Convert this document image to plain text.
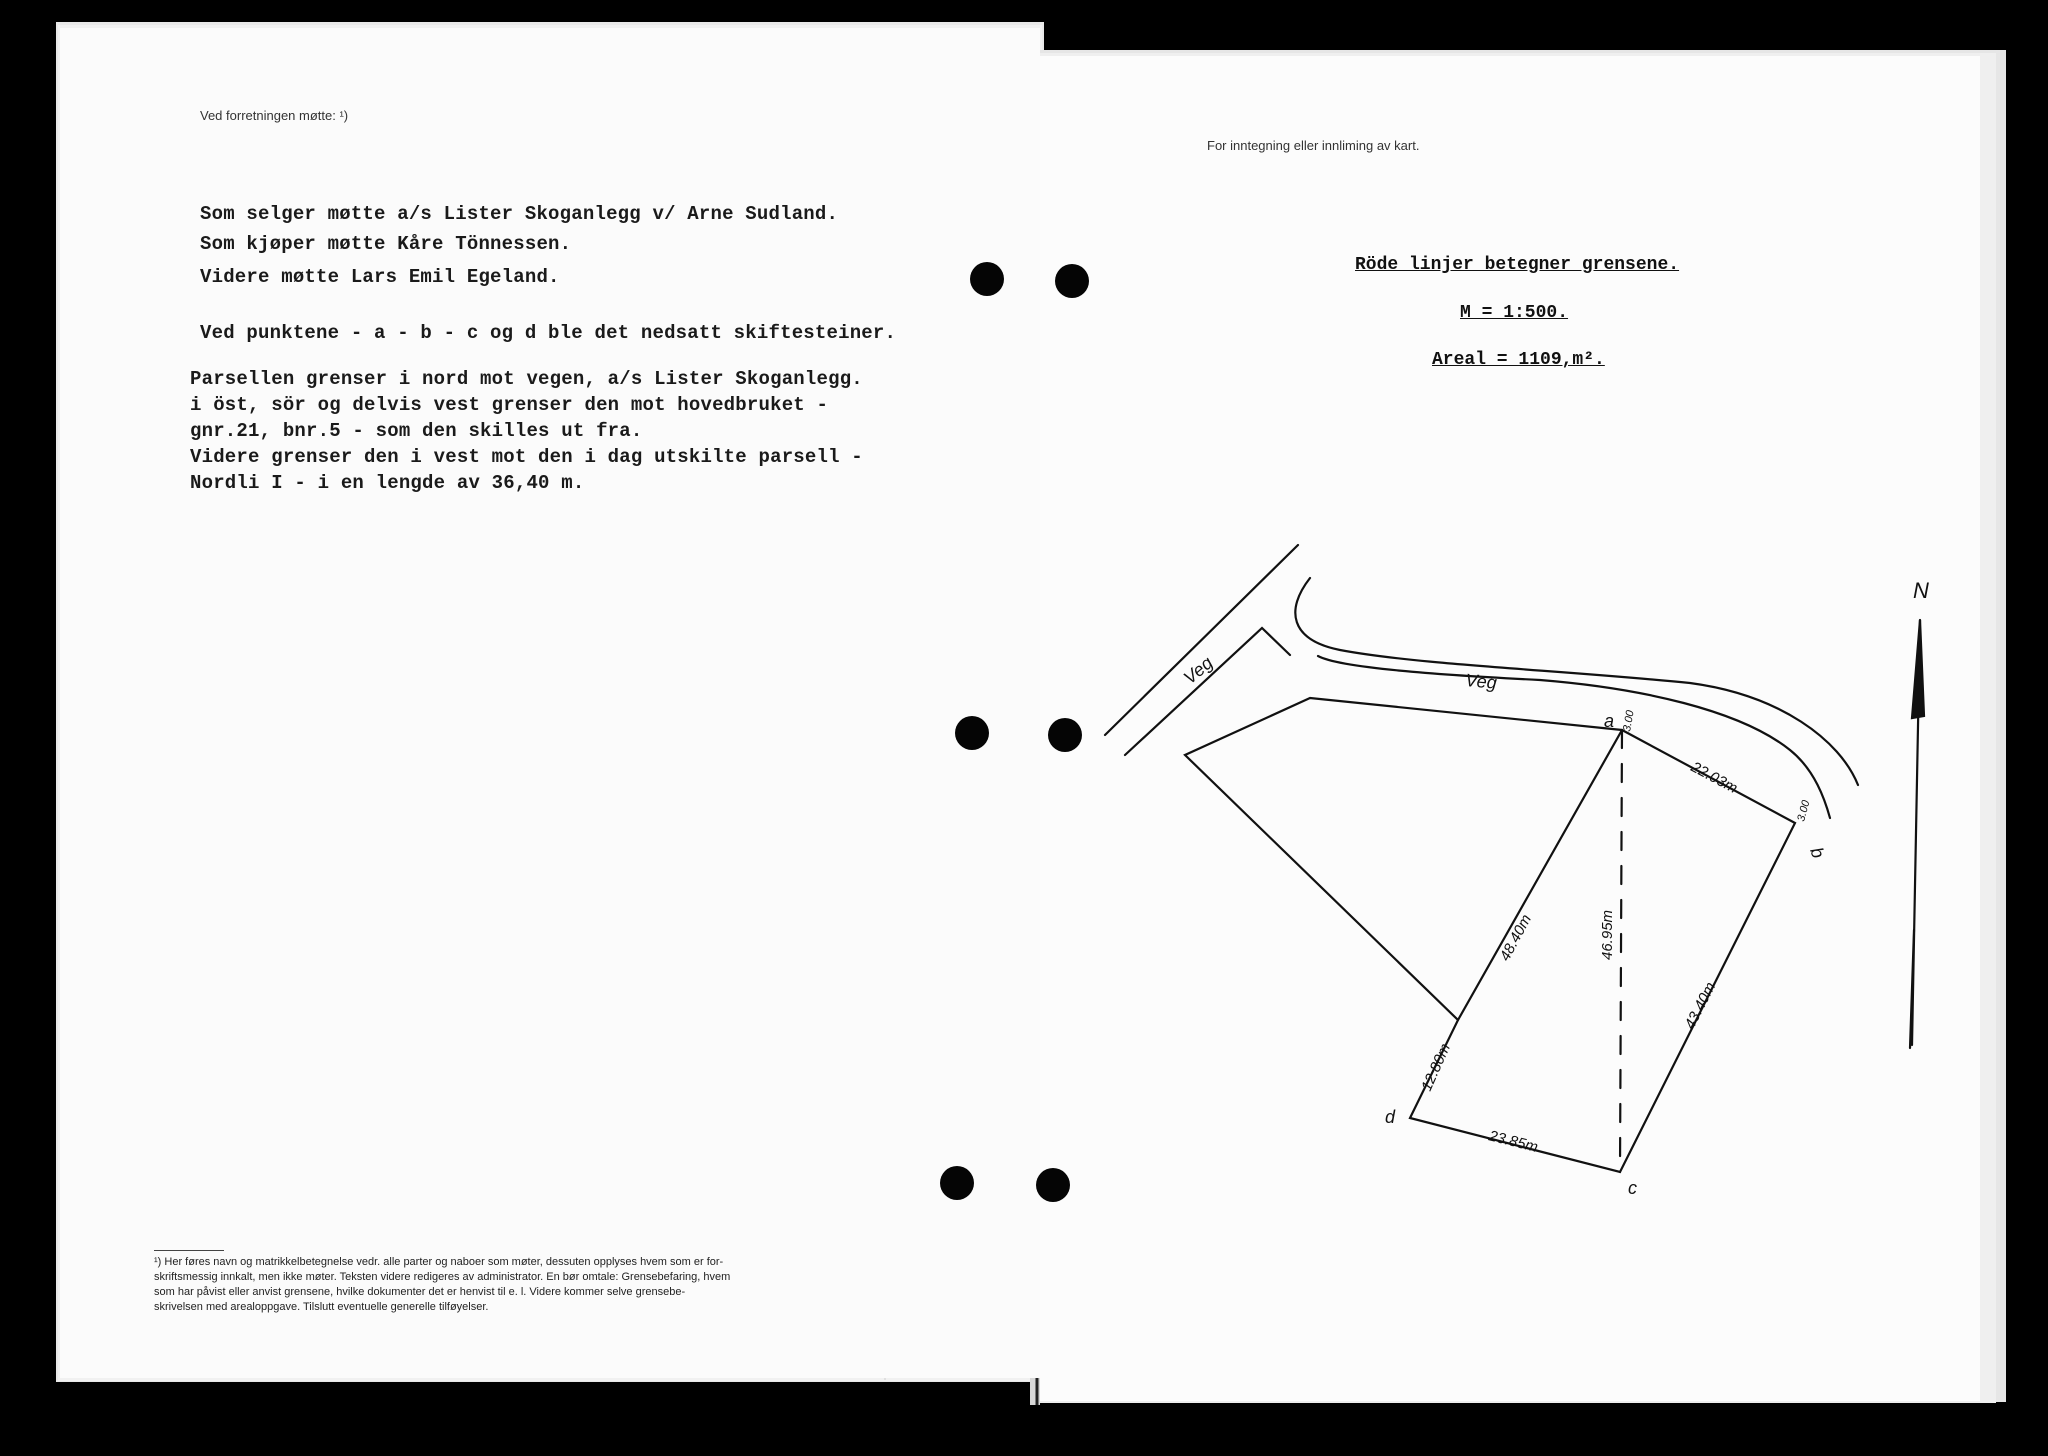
Ved forretningen møtte: ¹)
Som selger møtte a/s Lister Skoganlegg v/ Arne Sudland.
Som kjøper møtte Kåre Tönnessen.
Videre møtte Lars Emil Egeland.
Ved punktene - a - b - c og d ble det nedsatt skiftesteiner.
Parsellen grenser i nord mot vegen, a/s Lister Skoganlegg.
i öst, sör og delvis vest grenser den mot hovedbruket -
gnr.21, bnr.5 - som den skilles ut fra.
Videre grenser den i vest mot den i dag utskilte parsell -
Nordli I - i en lengde av 36,40 m.
¹) Her føres navn og matrikkelbetegnelse vedr. alle parter og naboer som møter, dessuten opplyses hvem som er for-
skriftsmessig innkalt, men ikke møter. Teksten videre redigeres av administrator. En bør omtale: Grensebefaring, hvem
som har påvist eller anvist grensene, hvilke dokumenter det er henvist til e. l. Videre kommer selve grensebe-
skrivelsen med arealoppgave. Tilslutt eventuelle generelle tilføyelser.
For inntegning eller innliming av kart.
Röde linjer betegner grensene.
M = 1:500.
Areal = 1109,m².
Veg	Veg
N
a
b
c
d
22.03m
48.40m	46.95m
43.40m
12.80m
23.85m
3.00
3.00
